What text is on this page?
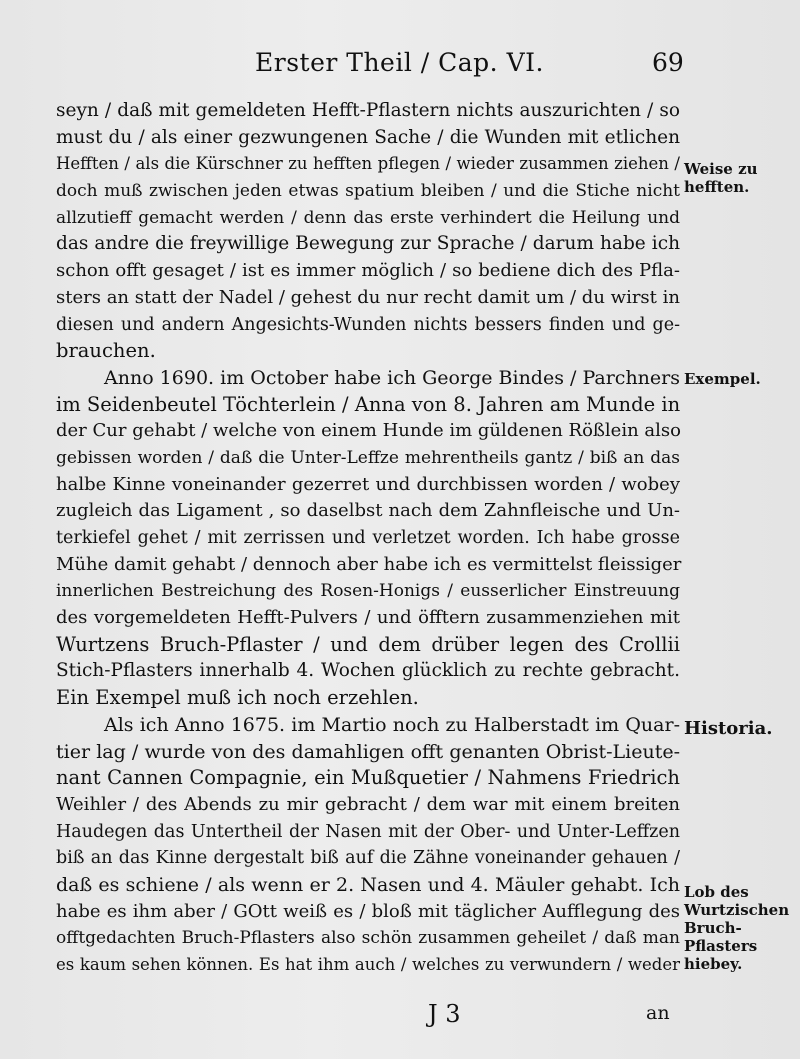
Erster Theil / Cap. VI.	69
seyn / daß mit gemeldeten Hefft-Pflastern nichts auszurichten / so
must du / als einer gezwungenen Sache / die Wunden mit etlichen
Hefften / als die Kürschner zu hefften pflegen / wieder zusammen ziehen /
doch muß zwischen jeden etwas spatium bleiben / und die Stiche nicht
allzutieff gemacht werden / denn das erste verhindert die Heilung und
das andre die freywillige Bewegung zur Sprache / darum habe ich
schon offt gesaget / ist es immer möglich / so bediene dich des Pfla-
sters an statt der Nadel / gehest du nur recht damit um / du wirst in
diesen und andern Angesichts-Wunden nichts bessers finden und ge-
brauchen.
Anno 1690. im October habe ich George Bindes / Parchners
im Seidenbeutel Töchterlein / Anna von 8. Jahren am Munde in
der Cur gehabt / welche von einem Hunde im güldenen Rößlein also
gebissen worden / daß die Unter-Leffze mehrentheils gantz / biß an das
halbe Kinne voneinander gezerret und durchbissen worden / wobey
zugleich das Ligament , so daselbst nach dem Zahnfleische und Un-
terkiefel gehet / mit zerrissen und verletzet worden. Ich habe grosse
Mühe damit gehabt / dennoch aber habe ich es vermittelst fleissiger
innerlichen Bestreichung des Rosen-Honigs / eusserlicher Einstreuung
des vorgemeldeten Hefft-Pulvers / und öfftern zusammenziehen mit
Wurtzens Bruch-Pflaster / und dem drüber legen des Crollii
Stich-Pflasters innerhalb 4. Wochen glücklich zu rechte gebracht.
Ein Exempel muß ich noch erzehlen.
Als ich Anno 1675. im Martio noch zu Halberstadt im Quar-
tier lag / wurde von des damahligen offt genanten Obrist-Lieute-
nant Cannen Compagnie, ein Mußquetier / Nahmens Friedrich
Weihler / des Abends zu mir gebracht / dem war mit einem breiten
Haudegen das Untertheil der Nasen mit der Ober- und Unter-Leffzen
biß an das Kinne dergestalt biß auf die Zähne voneinander gehauen /
daß es schiene / als wenn er 2. Nasen und 4. Mäuler gehabt. Ich
habe es ihm aber / GOtt weiß es / bloß mit täglicher Aufflegung des
offtgedachten Bruch-Pflasters also schön zusammen geheilet / daß man
es kaum sehen können. Es hat ihm auch / welches zu verwundern / weder
Weise zu hefften.
Exempel.
Historia.
Lob des Wurtzischen Bruch-Pflasters hiebey.
J 3	an
